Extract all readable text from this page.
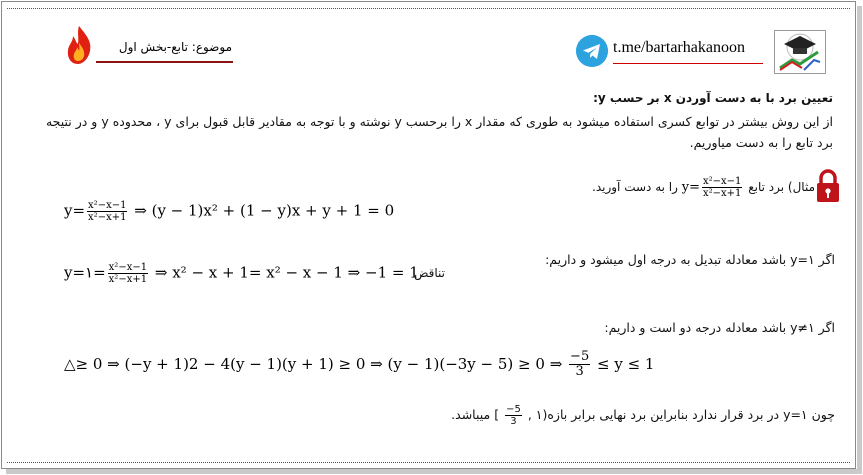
t.me/bartarhakanoon
موضوع: تابع-بخش اول
تعیین برد با به دست آوردن x بر حسب y:
از این روش بیشتر در توابع کسری استفاده میشود به طوری که مقدار x را برحسب y نوشته و با توجه به مقادیر قابل قبول برای y ، محدوده y و در نتیجه
برد تابع را به دست میاوریم.
مثال) برد تابع $y= \frac{\text{x²−x−1}}{\text{x²−x+1}}$
را به دست آورید.
$y= \frac{\text{x²−x−1}}{\text{x²−x+1}}$ ⇒ (y − 1)x² + (1 − y)x + y + 1 = 0
اگر y=۱ باشد معادله تبدیل به درجه اول میشود و داریم:
y=۱= $\frac{\text{x²−x−1}}{\text{x²−x+1}}$ ⇒ x² − x + 1= x² − x − 1 ⇒ −1 = 1
تناقض
اگر y≠۱ باشد معادله درجه دو است و داریم:
△≥ 0 ⇒ (−y + 1)2 − 4(y − 1)(y + 1) ≥ 0 ⇒ (y − 1)(−3y − 5) ≥ 0 ⇒ $\frac{-5}{3} \le y \le 1$
چون y=۱ در برد قرار ندارد بنابراین برد نهایی برابر بازه(۱ ,
$\frac{-5}{3}$
] میباشد.
